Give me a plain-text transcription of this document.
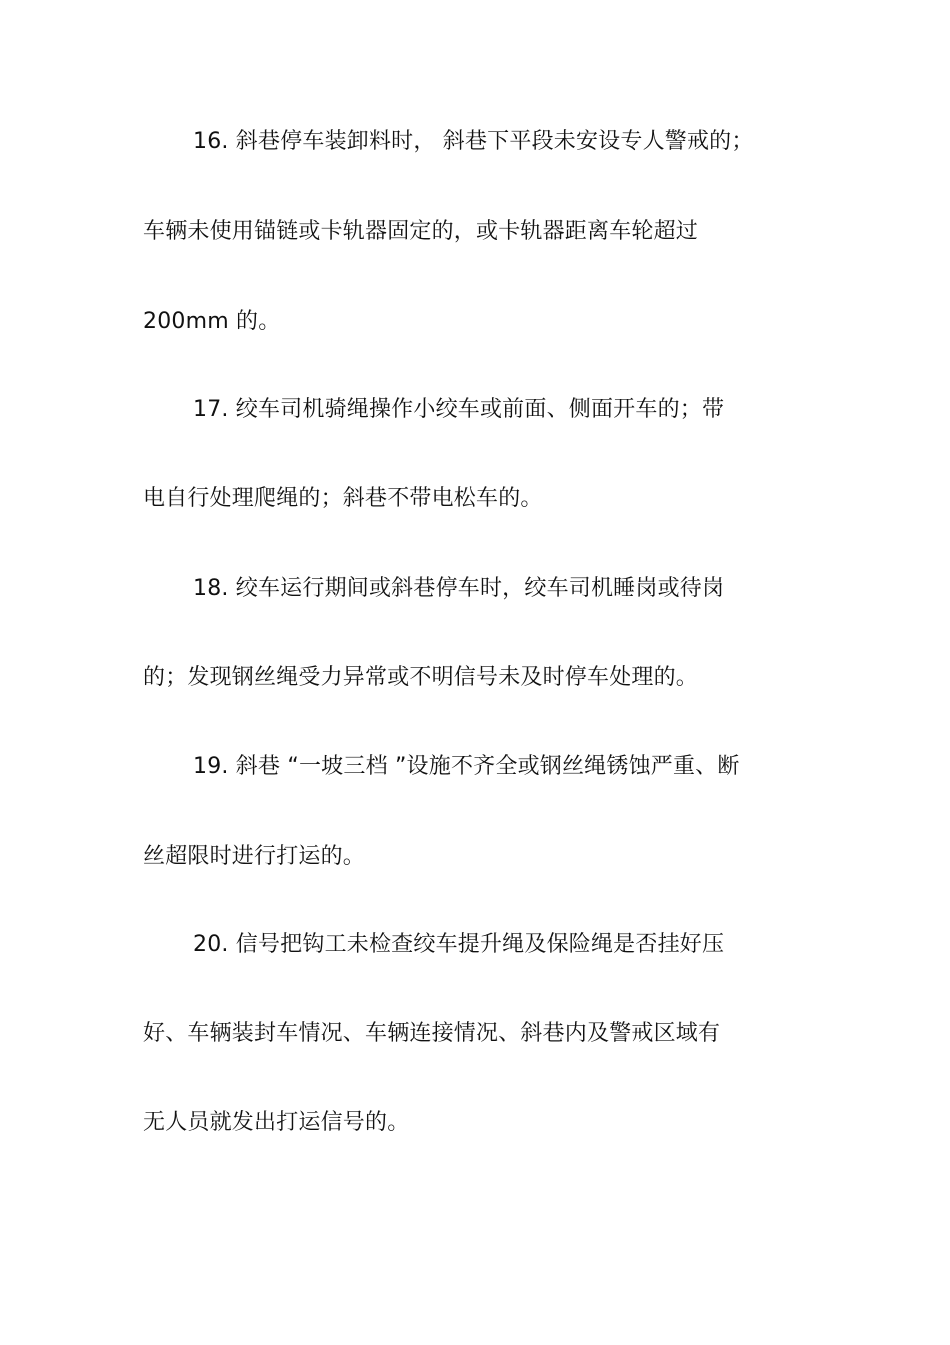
16. 斜巷停车装卸料时， 斜巷下平段未安设专人警戒的；
车辆未使用锚链或卡轨器固定的，或卡轨器距离车轮超过
200mm 的。
17. 绞车司机骑绳操作小绞车或前面、侧面开车的；带
电自行处理爬绳的；斜巷不带电松车的。
18. 绞车运行期间或斜巷停车时，绞车司机睡岗或待岗
的；发现钢丝绳受力异常或不明信号未及时停车处理的。
19. 斜巷 “一坡三档 ”设施不齐全或钢丝绳锈蚀严重、断
丝超限时进行打运的。
20. 信号把钩工未检查绞车提升绳及保险绳是否挂好压
好、车辆装封车情况、车辆连接情况、斜巷内及警戒区域有
无人员就发出打运信号的。
